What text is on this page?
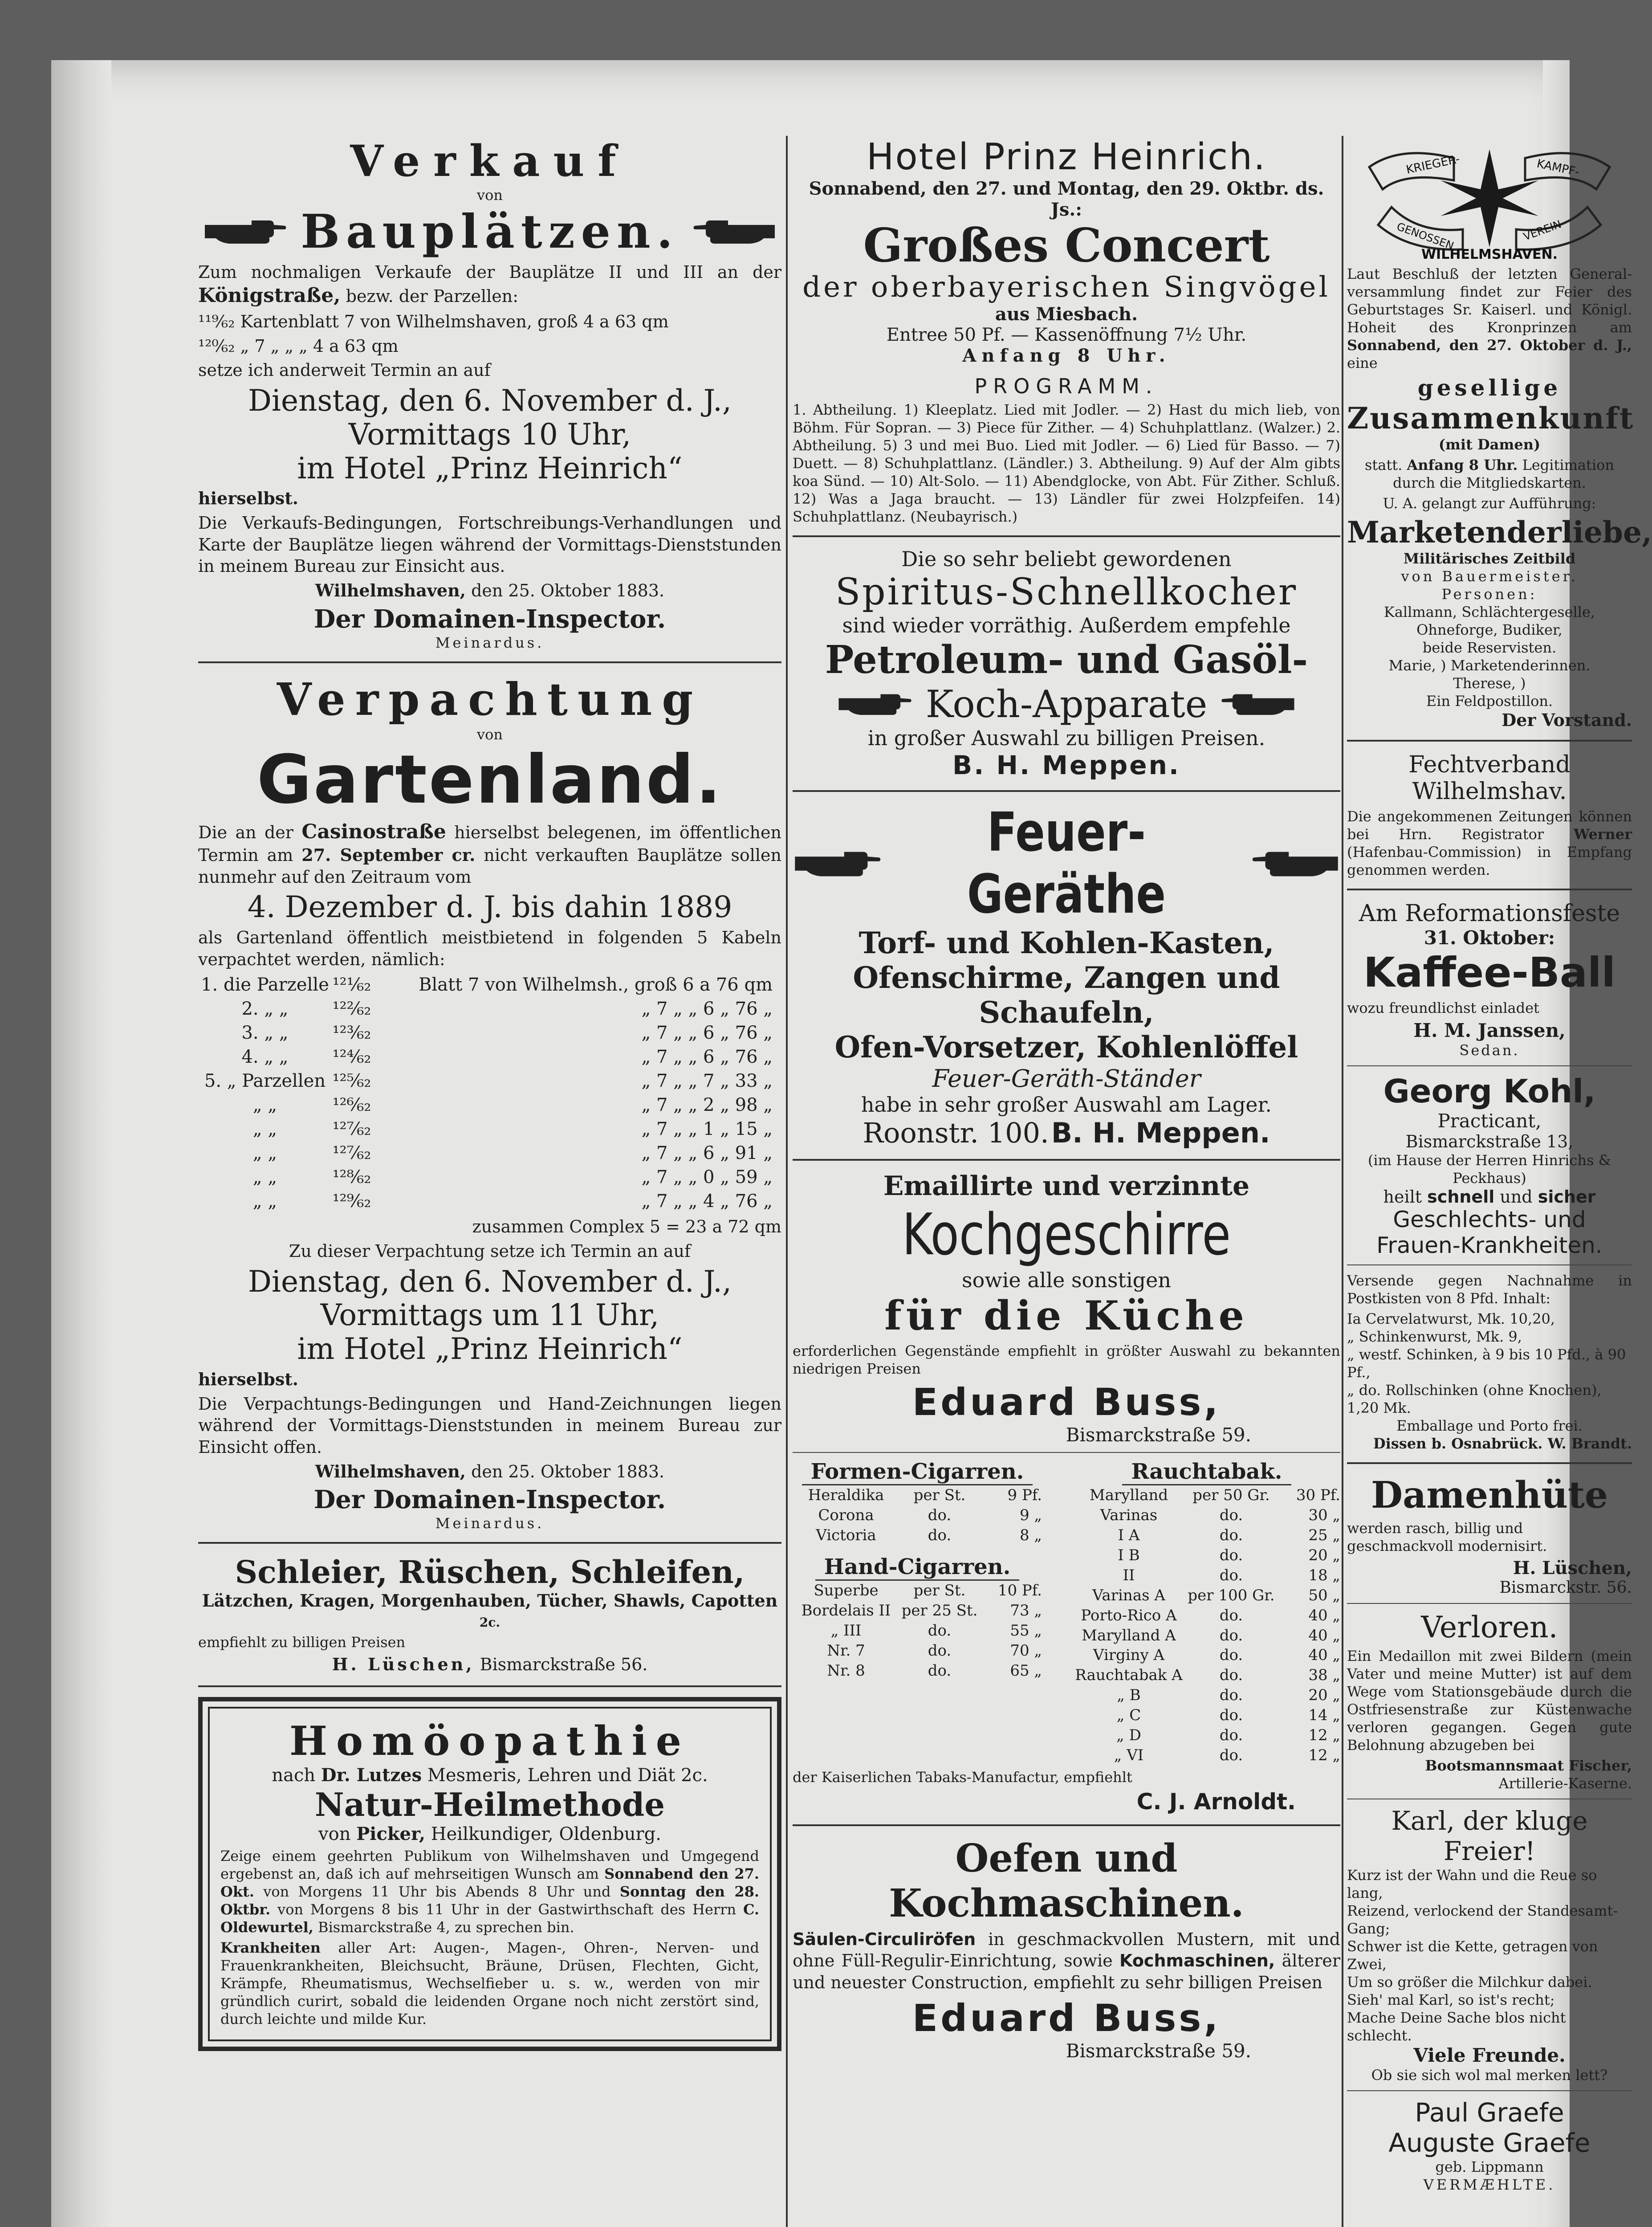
Verkauf
von
Bauplätzen.

Zum nochmaligen Verkaufe der Bauplätze II und III an der Königstraße, bezw. der Parzellen:

¹¹⁹⁄₆₂ Kartenblatt 7 von Wilhelmshaven, groß 4 a 63 qm

¹²⁰⁄₆₂ „ 7 „ „ „ 4 a 63 qm

setze ich anderweit Termin an auf

Dienstag, den 6. November d. J.,
Vormittags 10 Uhr,
im Hotel „Prinz Heinrich“

hierselbst.

Die Verkaufs-Bedingungen, Fortschreibungs-Verhandlungen und Karte der Bauplätze liegen während der Vormittags-Dienststunden in meinem Bureau zur Einsicht aus.

Wilhelmshaven, den 25. Oktober 1883.

Der Domainen-Inspector.
Meinardus.
Verpachtung
von
Gartenland.

Die an der Casinostraße hierselbst belegenen, im öffentlichen Termin am 27. September cr. nicht verkauften Bauplätze sollen nunmehr auf den Zeitraum vom

4. Dezember d. J. bis dahin 1889

als Gartenland öffentlich meistbietend in folgenden 5 Kabeln verpachtet werden, nämlich:

1. die Parzelle ¹²¹⁄₆₂	Blatt 7 von Wilhelmsh., groß 6 a 76 qm
2. „ „	¹²²⁄₆₂	„ 7 „ „ 6 „ 76 „
3. „ „	¹²³⁄₆₂	„ 7 „ „ 6 „ 76 „
4. „ „	¹²⁴⁄₆₂	„ 7 „ „ 6 „ 76 „
5. „ Parzellen ¹²⁵⁄₆₂	„ 7 „ „ 7 „ 33 „
„ „	¹²⁶⁄₆₂	„ 7 „ „ 2 „ 98 „
„ „	¹²⁷⁄₆₂	„ 7 „ „ 1 „ 15 „
„ „	¹²⁷⁄₆₂	„ 7 „ „ 6 „ 91 „
„ „	¹²⁸⁄₆₂	„ 7 „ „ 0 „ 59 „
„ „	¹²⁹⁄₆₂	„ 7 „ „ 4 „ 76 „

zusammen Complex 5 = 23 a 72 qm

Zu dieser Verpachtung setze ich Termin an auf

Dienstag, den 6. November d. J.,
Vormittags um 11 Uhr,
im Hotel „Prinz Heinrich“

hierselbst.

Die Verpachtungs-Bedingungen und Hand-Zeichnungen liegen während der Vormittags-Dienststunden in meinem Bureau zur Einsicht offen.

Wilhelmshaven, den 25. Oktober 1883.

Der Domainen-Inspector.
Meinardus.
Schleier, Rüschen, Schleifen,
Lätzchen, Kragen, Morgenhauben, Tücher, Shawls, Capotten 2c.

empfiehlt zu billigen Preisen

H. Lüschen, Bismarckstraße 56.

Homöopathie
nach Dr. Lutzes Mesmeris, Lehren und Diät 2c.
Natur-Heilmethode
von Picker, Heilkundiger, Oldenburg.

Zeige einem geehrten Publikum von Wilhelmshaven und Umgegend ergebenst an, daß ich auf mehrseitigen Wunsch am Sonnabend den 27. Okt. von Morgens 11 Uhr bis Abends 8 Uhr und Sonntag den 28. Oktbr. von Morgens 8 bis 11 Uhr in der Gastwirthschaft des Herrn C. Oldewurtel, Bismarckstraße 4, zu sprechen bin.

Krankheiten aller Art: Augen-, Magen-, Ohren-, Nerven- und Frauenkrankheiten, Bleichsucht, Bräune, Drüsen, Flechten, Gicht, Krämpfe, Rheumatismus, Wechselfieber u. s. w., werden von mir gründlich curirt, sobald die leidenden Organe noch nicht zerstört sind, durch leichte und milde Kur.

Hotel Prinz Heinrich.
Sonnabend, den 27. und Montag, den 29. Oktbr. ds. Js.:
Großes Concert
der oberbayerischen Singvögel
aus Miesbach.
Entree 50 Pf. — Kassenöffnung 7½ Uhr.
Anfang 8 Uhr.
PROGRAMM.

1. Abtheilung. 1) Kleeplatz. Lied mit Jodler. — 2) Hast du mich lieb, von Böhm. Für Sopran. — 3) Piece für Zither. — 4) Schuhplattlanz. (Walzer.) 2. Abtheilung. 5) 3 und mei Buo. Lied mit Jodler. — 6) Lied für Basso. — 7) Duett. — 8) Schuhplattlanz. (Ländler.) 3. Abtheilung. 9) Auf der Alm gibts koa Sünd. — 10) Alt-Solo. — 11) Abendglocke, von Abt. Für Zither. Schluß. 12) Was a Jaga braucht. — 13) Ländler für zwei Holzpfeifen. 14) Schuhplattlanz. (Neubayrisch.)

Die so sehr beliebt gewordenen
Spiritus-Schnellkocher
sind wieder vorräthig. Außerdem empfehle
Petroleum- und Gasöl-
Koch-Apparate
in großer Auswahl zu billigen Preisen.
B. H. Meppen.
Feuer-Geräthe
Torf- und Kohlen-Kasten,
Ofenschirme, Zangen und Schaufeln,
Ofen-Vorsetzer, Kohlenlöffel
Feuer-Geräth-Ständer
habe in sehr großer Auswahl am Lager.
Roonstr. 100. B. H. Meppen.
Emaillirte und verzinnte
Kochgeschirre
sowie alle sonstigen
für die Küche

erforderlichen Gegenstände empfiehlt in größter Auswahl zu bekannten niedrigen Preisen

Eduard Buss,
Bismarckstraße 59.
Formen-Cigarren.
Heraldika	per St.	9 Pf.
Corona	do.	9 „
Victoria	do.	8 „
Hand-Cigarren.
Superbe	per St.	10 Pf.
Bordelais II per 25 St.	73 „
„ III	do.	55 „
Nr. 7	do.	70 „
Nr. 8	do.	65 „
Rauchtabak.
Marylland	per 50 Gr.	30 Pf.
Varinas	do.	30 „
I A	do.	25 „
I B	do.	20 „
II	do.	18 „
Varinas A	per 100 Gr.	50 „
Porto-Rico A	do.	40 „
Marylland A	do.	40 „
Virginy A	do.	40 „
Rauchtabak A	do.	38 „
„ B	do.	20 „
„ C	do.	14 „
„ D	do.	12 „
„ VI	do.	12 „

der Kaiserlichen Tabaks-Manufactur, empfiehlt

C. J. Arnoldt.
Oefen und Kochmaschinen.

Säulen-Circuliröfen in geschmackvollen Mustern, mit und ohne Füll-Regulir-Einrichtung, sowie Kochmaschinen, älterer und neuester Construction, empfiehlt zu sehr billigen Preisen

Eduard Buss,
Bismarckstraße 59.
KRIEGER-	KAMPF-
GENOSSEN	VEREIN
WILHELMSHAVEN.

Laut Beschluß der letzten General-versammlung findet zur Feier des Geburtstages Sr. Kaiserl. und Königl. Hoheit des Kronprinzen am Sonnabend, den 27. Oktober d. J., eine

gesellige
Zusammenkunft
(mit Damen)

statt. Anfang 8 Uhr. Legitimation durch die Mitgliedskarten.

U. A. gelangt zur Aufführung:

Marketenderliebe,
Militärisches Zeitbild
von Bauermeister.
Personen:
Kallmann, Schlächtergeselle,
Ohneforge, Budiker,
beide Reservisten.
Marie, ) Marketenderinnen.
Therese, )
Ein Feldpostillon.
Der Vorstand.
Fechtverband Wilhelmshav.

Die angekommenen Zeitungen können bei Hrn. Registrator Werner (Hafenbau-Commission) in Empfang genommen werden.

Am Reformationsfeste
31. Oktober:
Kaffee-Ball

wozu freundlichst einladet

H. M. Janssen,
Sedan.
Georg Kohl,
Practicant,
Bismarckstraße 13,
(im Hause der Herren Hinrichs & Peckhaus)
heilt schnell und sicher
Geschlechts- und
Frauen-Krankheiten.

Versende gegen Nachnahme in Postkisten von 8 Pfd. Inhalt:

Ia Cervelatwurst, Mk. 10,20,
„ Schinkenwurst, Mk. 9,
„ westf. Schinken, à 9 bis 10 Pfd., à 90 Pf.,
„ do. Rollschinken (ohne Knochen), 1,20 Mk.
Emballage und Porto frei.
Dissen b. Osnabrück. W. Brandt.
Damenhüte

werden rasch, billig und geschmackvoll modernisirt.

H. Lüschen,
Bismarckstr. 56.
Verloren.

Ein Medaillon mit zwei Bildern (mein Vater und meine Mutter) ist auf dem Wege vom Stationsgebäude durch die Ostfriesenstraße zur Küstenwache verloren gegangen. Gegen gute Belohnung abzugeben bei

Bootsmannsmaat Fischer,
Artillerie-Kaserne.
Karl, der kluge Freier!
Kurz ist der Wahn und die Reue so lang,
Reizend, verlockend der Standesamt-Gang;
Schwer ist die Kette, getragen von Zwei,
Um so größer die Milchkur dabei.
Sieh' mal Karl, so ist's recht;
Mache Deine Sache blos nicht schlecht.
Viele Freunde.
Ob sie sich wol mal merken lett?
Paul Graefe
Auguste Graefe
geb. Lippmann
VERMÆHLTE.
